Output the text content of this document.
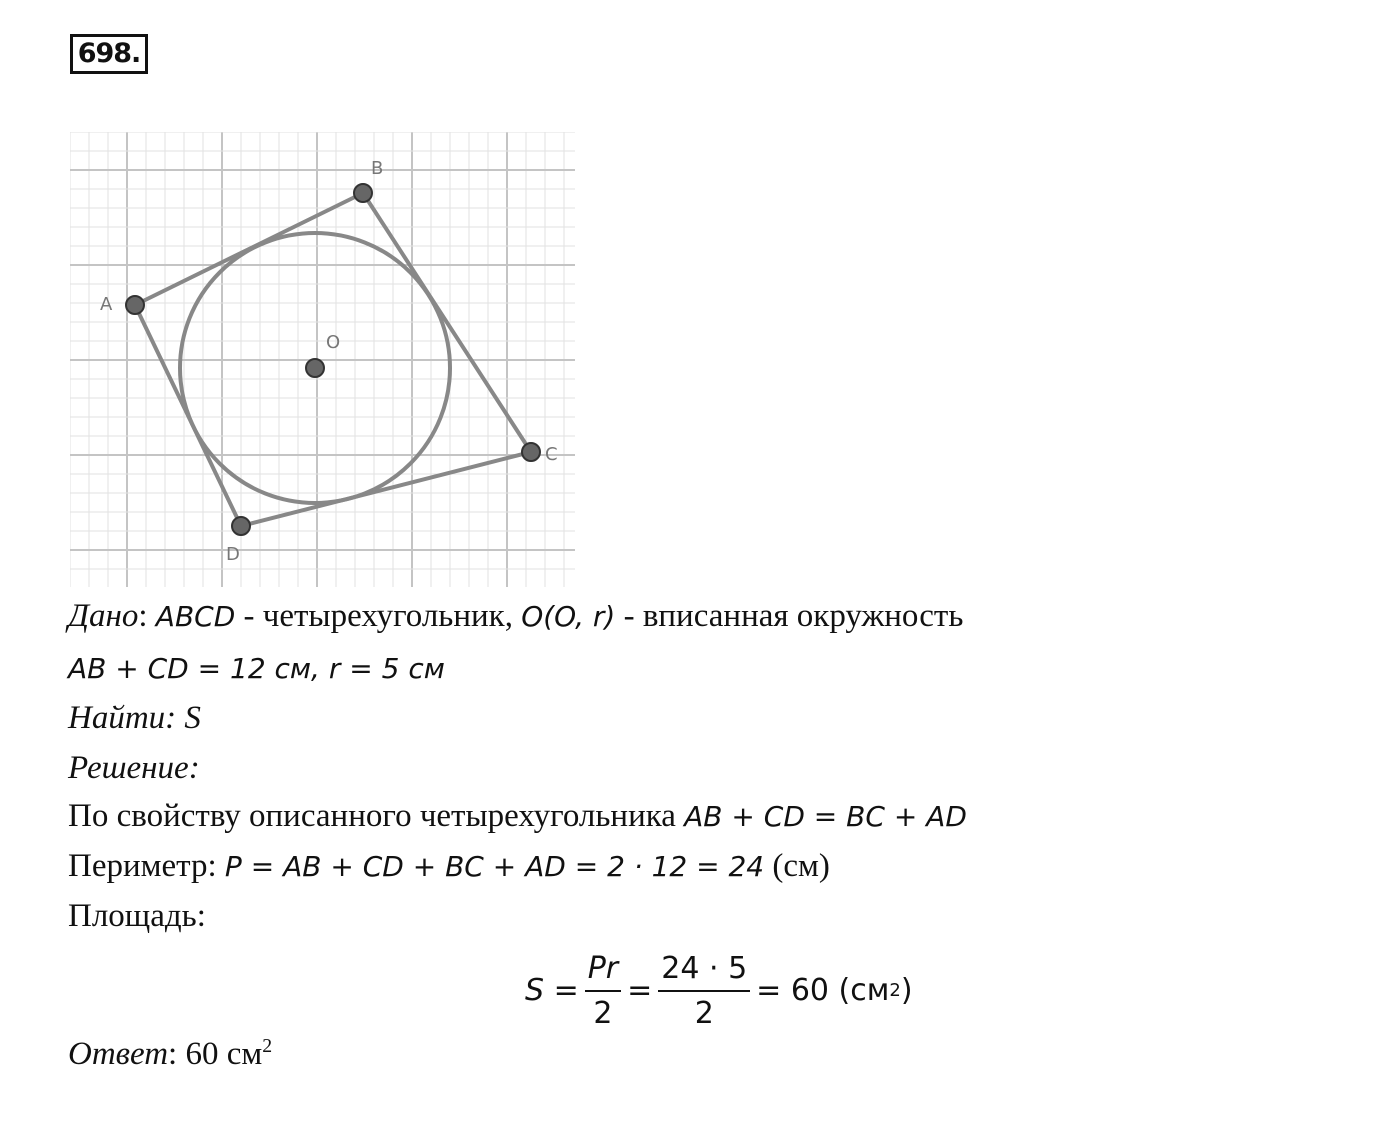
698.
A
B
C
D
O
Дано: ABCD - четырехугольник, O(O, r) - вписанная окружность
AB + CD = 12 см, r = 5 см
Найти: S
Решение:
По свойству описанного четырехугольника AB + CD = BC + AD
Периметр: P = AB + CD + BC + AD = 2 · 12 = 24 (см)
Площадь:
$S = \frac{Pr}{2} = \frac{24 \cdot 5}{2} = 60$ (см 2 )
Ответ: 60 $см^2$
